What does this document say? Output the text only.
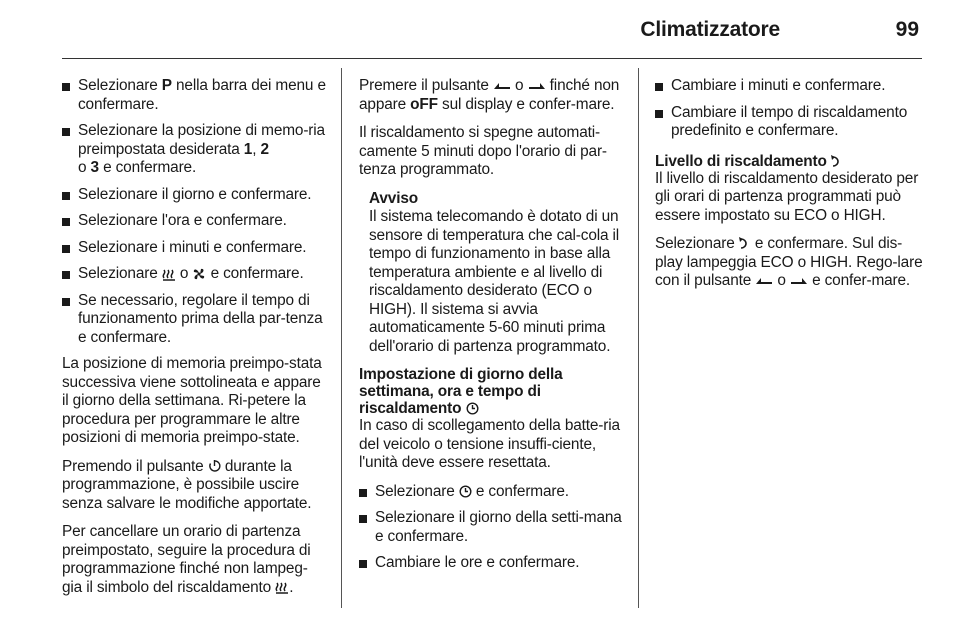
Climatizzatore	99
Selezionare P nella barra dei menu e confermare.
Selezionare la posizione di memo-ria preimpostata desiderata 1, 2
o 3 e confermare.
Selezionare il giorno e confermare.
Selezionare l'ora e confermare.
Selezionare i minuti e confermare.
Selezionare  o  e confermare.
Se necessario, regolare il tempo di funzionamento prima della par-tenza e confermare.

La posizione di memoria preimpo-stata successiva viene sottolineata e appare il giorno della settimana. Ri-petere la procedura per programmare le altre posizioni di memoria preimpo-state.

Premendo il pulsante  durante la programmazione, è possibile uscire senza salvare le modifiche apportate.

Per cancellare un orario di partenza preimpostato, seguire la procedura di programmazione finché non lampeg-gia il simbolo del riscaldamento .

Premere il pulsante  o  finché non appare oFF sul display e confer-mare.

Il riscaldamento si spegne automati-camente 5 minuti dopo l'orario di par-tenza programmato.

Avviso
Il sistema telecomando è dotato di un sensore di temperatura che cal-cola il tempo di funzionamento in base alla temperatura ambiente e al livello di riscaldamento desiderato (ECO o HIGH). Il sistema si avvia automaticamente 5-60 minuti prima dell'orario di partenza programmato.
Impostazione di giorno della settimana, ora e tempo di riscaldamento

In caso di scollegamento della batte-ria del veicolo o tensione insuffi-ciente, l'unità deve essere resettata.

Selezionare  e confermare.
Selezionare il giorno della setti-mana e confermare.
Cambiare le ore e confermare.
Cambiare i minuti e confermare.
Cambiare il tempo di riscaldamento predefinito e confermare.
Livello di riscaldamento

Il livello di riscaldamento desiderato per gli orari di partenza programmati può essere impostato su ECO o HIGH.

Selezionare  e confermare. Sul dis-play lampeggia ECO o HIGH. Rego-lare con il pulsante  o  e confer-mare.
